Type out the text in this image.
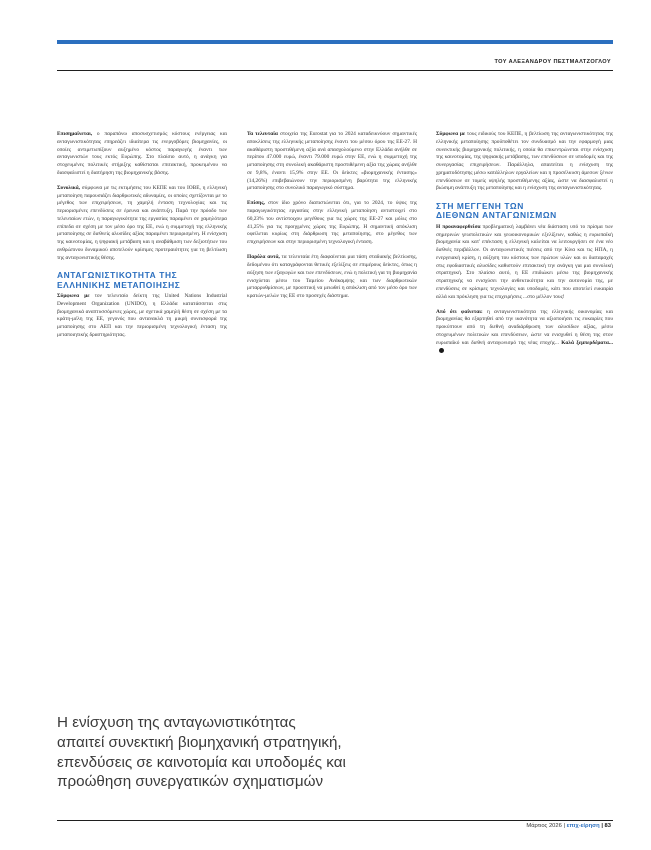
ΤΟΥ ΑΛΕΞΑΝΔΡΟΥ ΠΕΣΤΜΑΛΤΖΟΓΛΟΥ

Επισημαίνεται, ο παραπάνω αποσυσχετισμός κόστους ενέργειας και ανταγωνιστικότητας επηρεάζει ιδιαίτερα τις ενεργοβόρες βιομηχανίες, οι οποίες αντιμετωπίζουν αυξημένο κόστος παραγωγής έναντι των ανταγωνιστών τους εκτός Ευρώπης. Στο πλαίσιο αυτό, η ανάγκη για στοχευμένες πολιτικές στήριξης καθίσταται επιτακτική, προκειμένου να διασφαλιστεί η διατήρηση της βιομηχανικής βάσης.

Συνολικά, σύμφωνα με τις εκτιμήσεις του ΚΕΠΕ και του ΙΟΒΕ, η ελληνική μεταποίηση παρουσιάζει διαρθρωτικές αδυναμίες, οι οποίες σχετίζονται με το μέγεθος των επιχειρήσεων, τη χαμηλή ένταση τεχνολογίας και τις περιορισμένες επενδύσεις σε έρευνα και ανάπτυξη. Παρά την πρόοδο των τελευταίων ετών, η παραγωγικότητα της εργασίας παραμένει σε χαμηλότερα επίπεδα σε σχέση με τον μέσο όρο της ΕΕ, ενώ η συμμετοχή της ελληνικής μεταποίησης σε διεθνείς αλυσίδες αξίας παραμένει περιορισμένη. Η ενίσχυση της καινοτομίας, η ψηφιακή μετάβαση και η αναβάθμιση των δεξιοτήτων του ανθρώπινου δυναμικού αποτελούν κρίσιμες προτεραιότητες για τη βελτίωση της ανταγωνιστικής θέσης.

ΑΝΤΑΓΩΝΙΣΤΙΚΟΤΗΤΑ ΤΗΣ
ΕΛΛΗΝΙΚΗΣ ΜΕΤΑΠΟΙΗΣΗΣ

Σύμφωνα με τον τελευταίο δείκτη της United Nations Industrial Development Organization (UNIDO), η Ελλάδα κατατάσσεται στις βιομηχανικά αναπτυσσόμενες χώρες, με σχετικά χαμηλή θέση σε σχέση με τα κράτη-μέλη της ΕΕ, γεγονός που αντανακλά τη μικρή συνεισφορά της μεταποίησης στο ΑΕΠ και την περιορισμένη τεχνολογική ένταση της μεταποιητικής δραστηριότητας.

Τα τελευταία στοιχεία της Eurostat για το 2024 καταδεικνύουν σημαντικές αποκλίσεις της ελληνικής μεταποίησης έναντι του μέσου όρου της ΕΕ-27. Η ακαθάριστη προστιθέμενη αξία ανά απασχολούμενο στην Ελλάδα ανήλθε σε περίπου 47.000 ευρώ, έναντι 79.000 ευρώ στην ΕΕ, ενώ η συμμετοχή της μεταποίησης στη συνολική ακαθάριστη προστιθέμενη αξία της χώρας ανήλθε σε 9,8%, έναντι 15,9% στην ΕΕ. Οι δείκτες «βιομηχανικής έντασης» (14,26%) επιβεβαιώνουν την περιορισμένη βαρύτητα της ελληνικής μεταποίησης στο συνολικό παραγωγικό σύστημα.

Επίσης, στον ίδιο χρόνο διαπιστώνεται ότι, για το 2024, το ύψος της παραγωγικότητας εργασίας στην ελληνική μεταποίηση αντιστοιχεί στο 60,23% του αντίστοιχου μεγέθους για τις χώρες της ΕΕ-27 και μόλις στο 41,25% για τις προηγμένες χώρες της Ευρώπης. Η σημαντική απόκλιση οφείλεται κυρίως στη διάρθρωση της μεταποίησης, στο μέγεθος των επιχειρήσεων και στην περιορισμένη τεχνολογική ένταση.

Παρόλα αυτά, τα τελευταία έτη διαφαίνεται μια τάση σταδιακής βελτίωσης, δεδομένου ότι καταγράφονται θετικές εξελίξεις σε επιμέρους δείκτες, όπως η αύξηση των εξαγωγών και των επενδύσεων, ενώ η πολιτική για τη βιομηχανία ενισχύεται μέσω του Ταμείου Ανάκαμψης και των διαρθρωτικών μεταρρυθμίσεων, με προοπτική να μειωθεί η απόκλιση από τον μέσο όρο των κρατών-μελών της ΕΕ στο προσεχές διάστημα.

Σύμφωνα με τους ειδικούς του ΚΕΠΕ, η βελτίωση της ανταγωνιστικότητας της ελληνικής μεταποίησης προϋποθέτει τον συνδυασμό και την εφαρμογή μιας συνεκτικής βιομηχανικής πολιτικής, η οποία θα επικεντρώνεται στην ενίσχυση της καινοτομίας, της ψηφιακής μετάβασης, των επενδύσεων σε υποδομές και της συνεργασίας επιχειρήσεων. Παράλληλα, απαιτείται η ενίσχυση της χρηματοδότησης μέσω κατάλληλων εργαλείων και η προσέλκυση άμεσων ξένων επενδύσεων σε τομείς υψηλής προστιθέμενης αξίας, ώστε να διασφαλιστεί η βιώσιμη ανάπτυξη της μεταποίησης και η ενίσχυση της ανταγωνιστικότητας.

ΣΤΗ ΜΕΓΓΕΝΗ ΤΩΝ
ΔΙΕΘΝΩΝ ΑΝΤΑΓΩΝΙΣΜΩΝ

Η προαναφερθείσα προβληματική λαμβάνει νέα διάσταση υπό το πρίσμα των σημερινών γεωπολιτικών και γεωοικονομικών εξελίξεων, καθώς η ευρωπαϊκή βιομηχανία και κατ' επέκταση η ελληνική καλείται να λειτουργήσει σε ένα νέο διεθνές περιβάλλον. Οι ανταγωνιστικές πιέσεις από την Κίνα και τις ΗΠΑ, η ενεργειακή κρίση, η αύξηση του κόστους των πρώτων υλών και οι διαταραχές στις εφοδιαστικές αλυσίδες καθιστούν επιτακτική την ανάγκη για μια συνολική στρατηγική. Στο πλαίσιο αυτό, η ΕΕ επιδιώκει μέσω της βιομηχανικής στρατηγικής να ενισχύσει την ανθεκτικότητα και την αυτονομία της, με επενδύσεις σε κρίσιμες τεχνολογίες και υποδομές, κάτι που αποτελεί ευκαιρία αλλά και πρόκληση για τις επιχειρήσεις ...στο μέλλον τους!

Από ότι φαίνεται: η ανταγωνιστικότητα της ελληνικής οικονομίας και βιομηχανίας θα εξαρτηθεί από την ικανότητα να αξιοποιήσει τις ευκαιρίες που προκύπτουν από τη διεθνή αναδιάρθρωση των αλυσίδων αξίας, μέσω στοχευμένων πολιτικών και επενδύσεων, ώστε να ενισχυθεί η θέση της στον ευρωπαϊκό και διεθνή ανταγωνισμό της νέας εποχής... Καλά ξεμπερδέματα...

Η ενίσχυση της ανταγωνιστικότητας
απαιτεί συνεκτική βιομηχανική στρατηγική,
επενδύσεις σε καινοτομία και υποδομές και
προώθηση συνεργατικών σχηματισμών
Μάρτιος 2026 | επιχ-είρηση | 83
